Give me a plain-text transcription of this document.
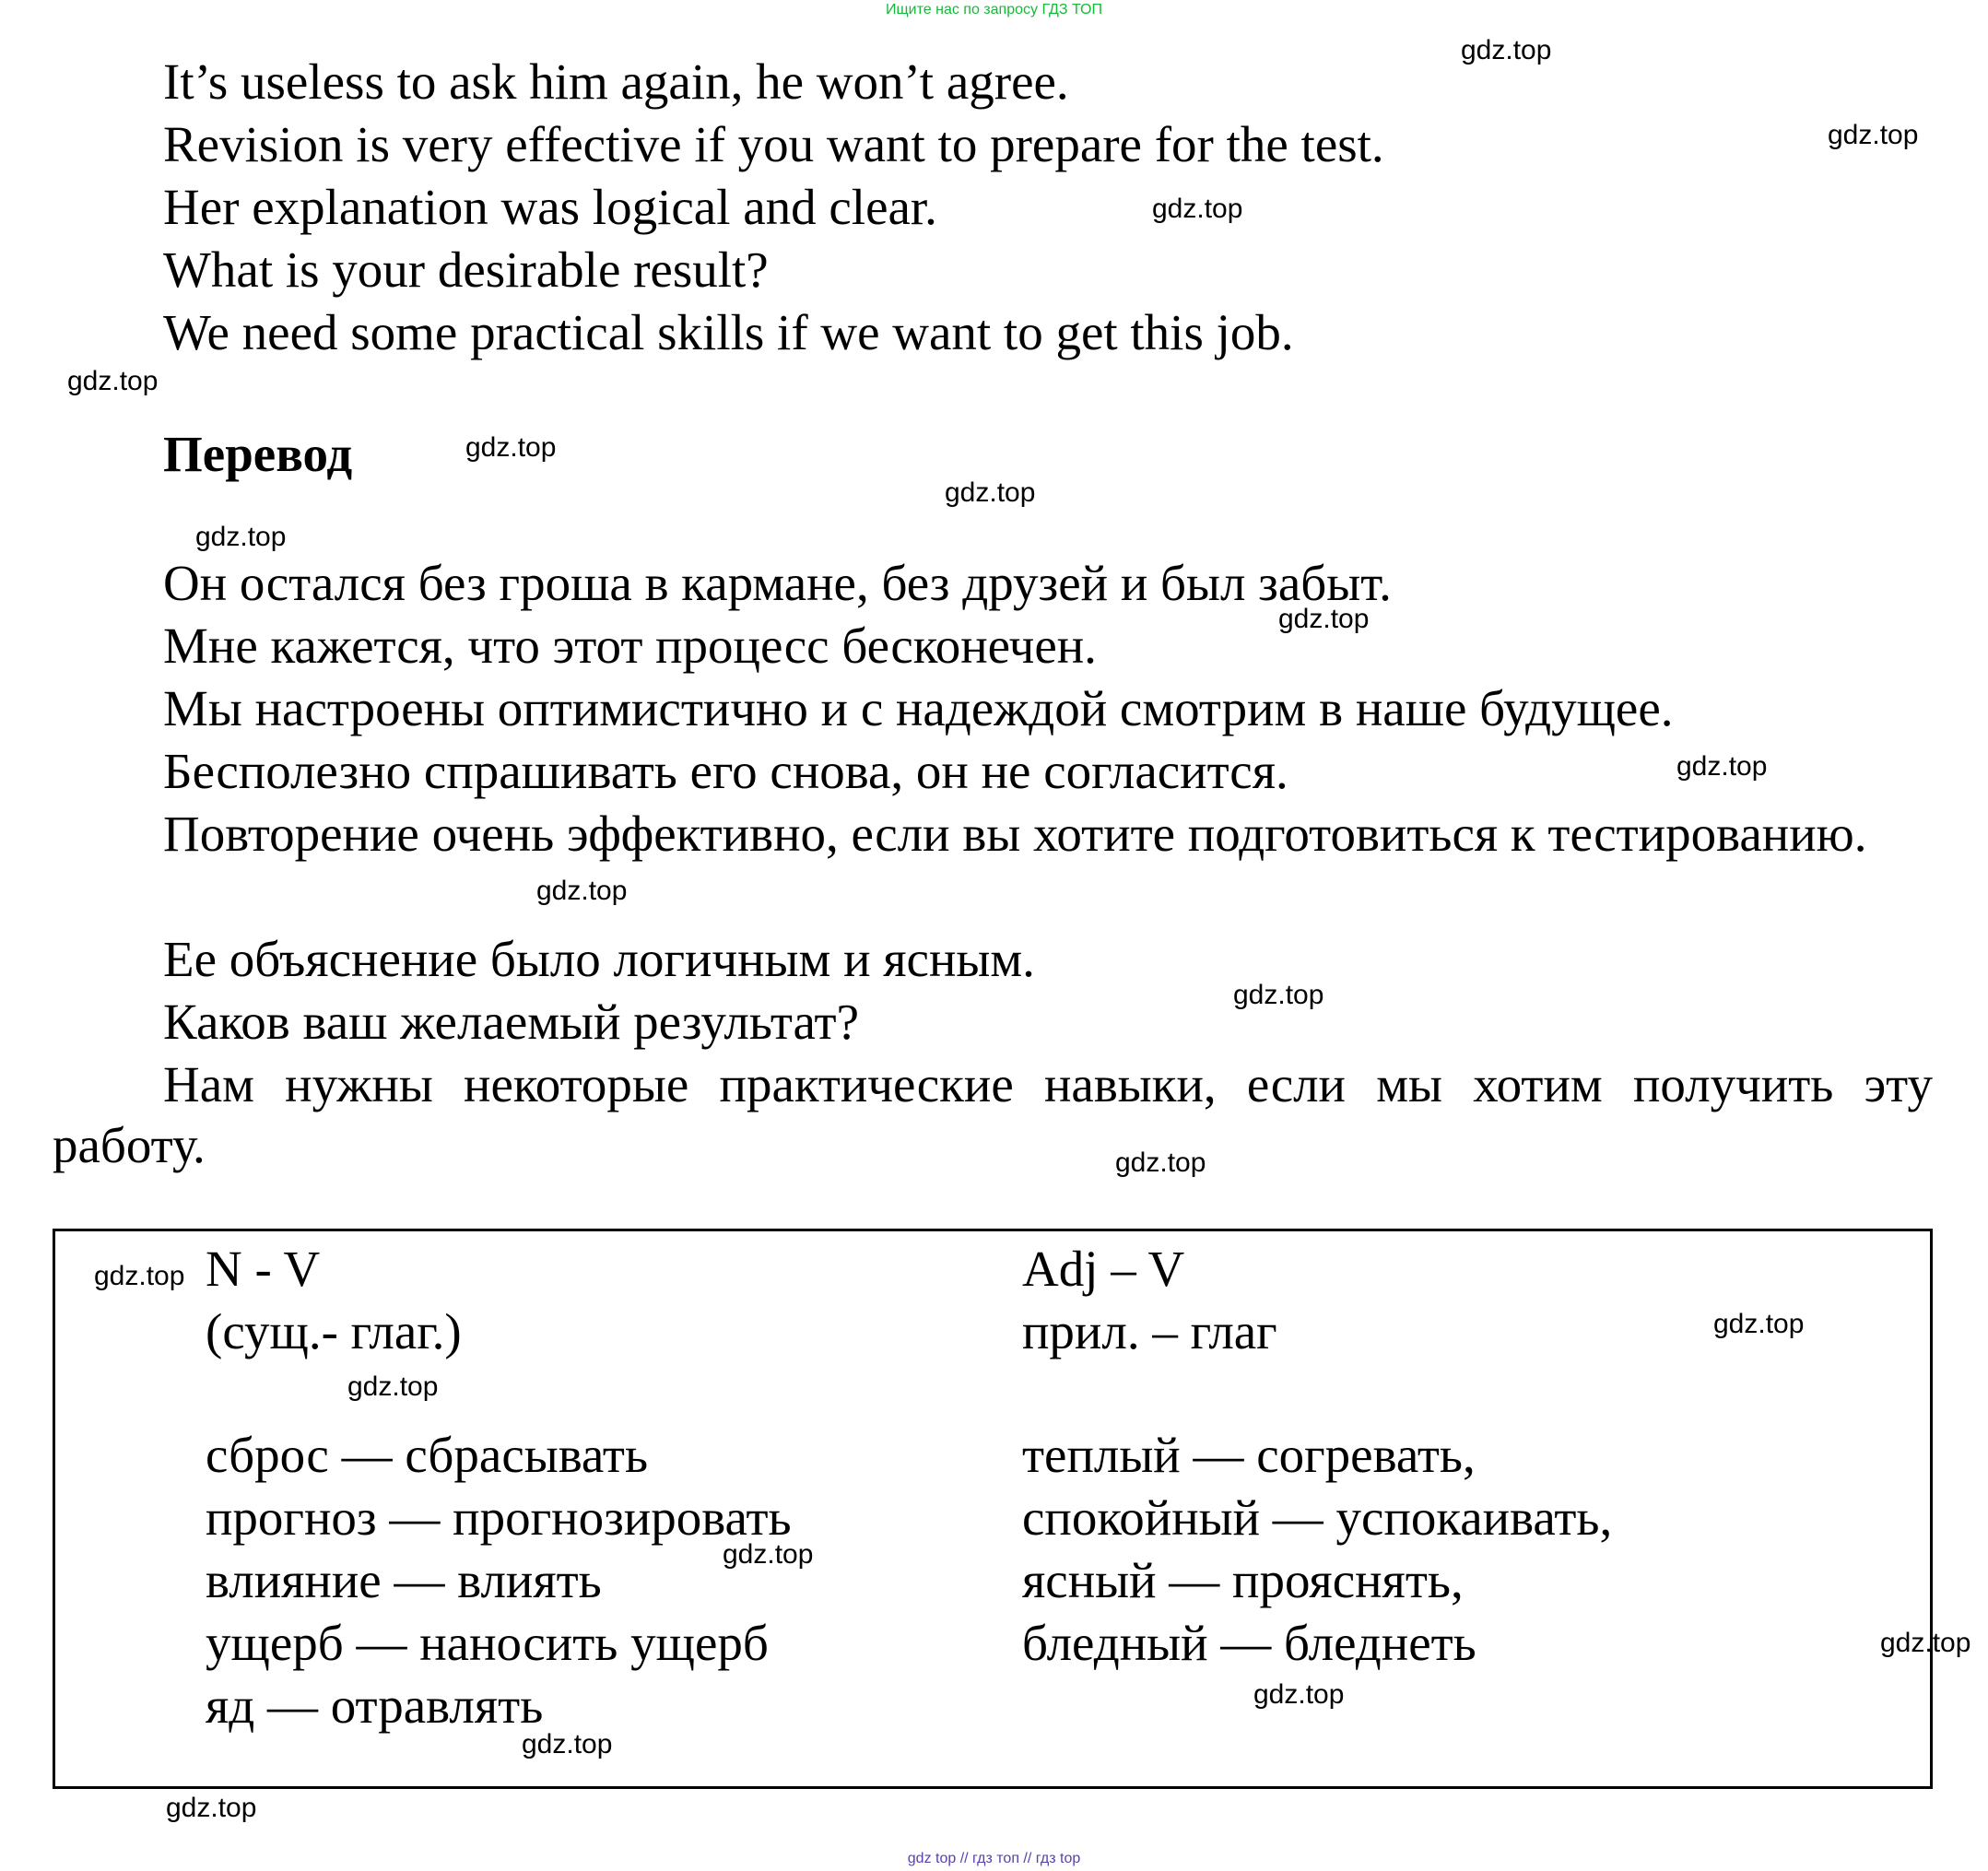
Ищите нас по запросу ГДЗ ТОП
It’s useless to ask him again, he won’t agree.
Revision is very effective if you want to prepare for the test.
Her explanation was logical and clear.
What is your desirable result?
We need some practical skills if we want to get this job.
Перевод
Он остался без гроша в кармане, без друзей и был забыт.
Мне кажется, что этот процесс бесконечен.
Мы настроены оптимистично и с надеждой смотрим в наше будущее.
Бесполезно спрашивать его снова, он не согласится.
Повторение очень эффективно, если вы хотите подготовиться к тестированию.
Ее объяснение было логичным и ясным.
Каков ваш желаемый результат?
Нам нужны некоторые практические навыки, если мы хотим получить эту работу.
N - V
(сущ.- глаг.)
Adj – V
прил. – глаг
сброс — сбрасывать
прогноз — прогнозировать
влияние — влиять
ущерб — наносить ущерб
яд — отравлять
теплый — согревать,
спокойный — успокаивать,
ясный — прояснять,
бледный — бледнеть
gdz.top
gdz.top
gdz.top
gdz.top
gdz.top
gdz.top
gdz.top
gdz.top
gdz.top
gdz.top
gdz.top
gdz.top
gdz.top
gdz.top
gdz.top
gdz.top
gdz.top
gdz.top
gdz.top
gdz.top
gdz top // гдз топ // гдз top
